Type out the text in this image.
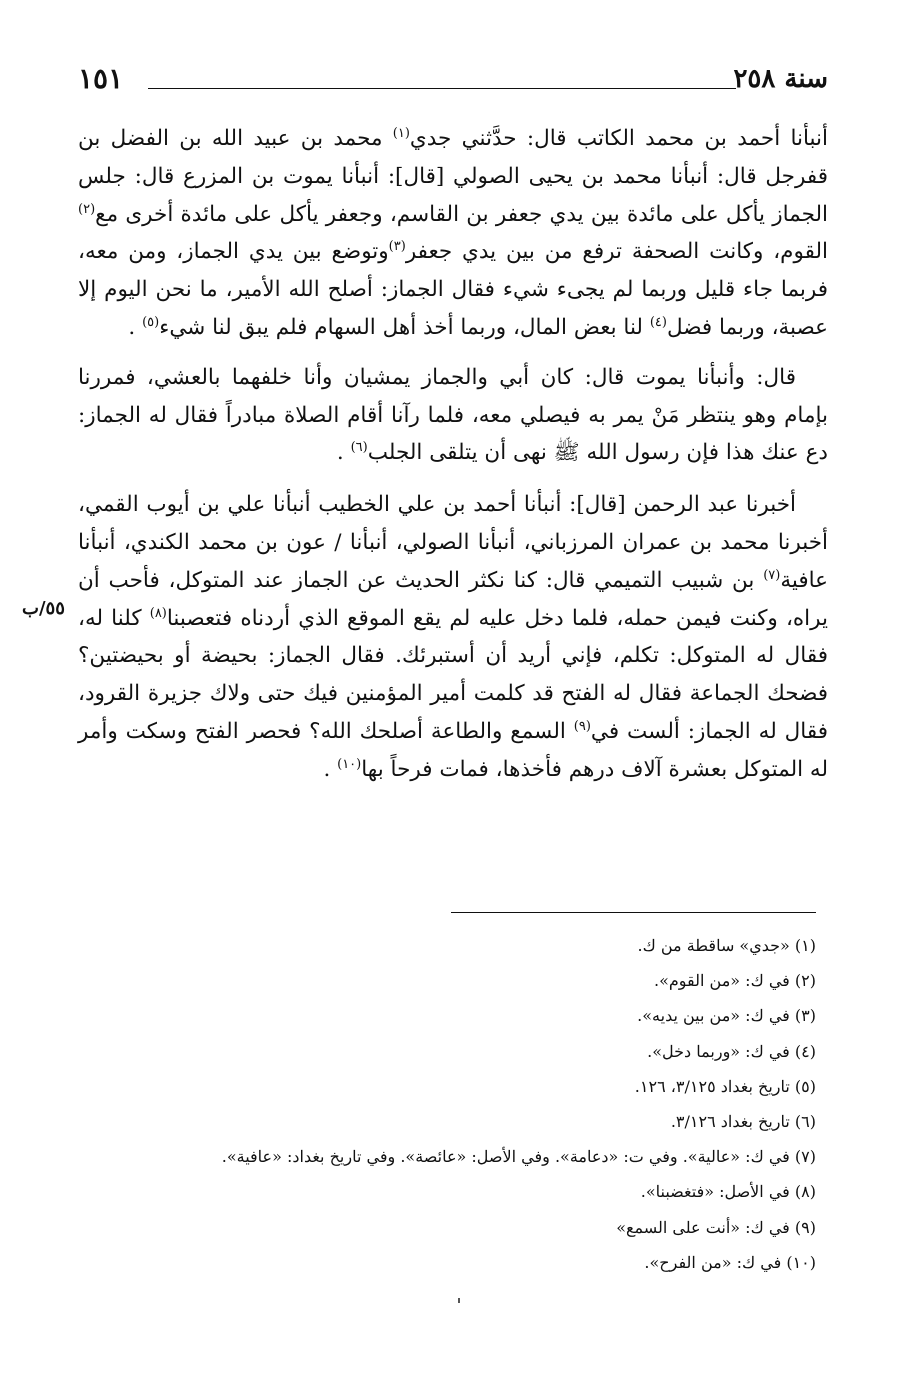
سنة ٢٥٨
١٥١
٥٥/ب

أنبأنا أحمد بن محمد الكاتب قال: حدَّثني جدي$^{(١)}$ محمد بن عبيد الله بن الفضل بن قفرجل قال: أنبأنا محمد بن يحيى الصولي [قال]: أنبأنا يموت بن المزرع قال: جلس الجماز يأكل على مائدة بين يدي جعفر بن القاسم، وجعفر يأكل على مائدة أخرى مع$^{(٢)}$ القوم، وكانت الصحفة ترفع من بين يدي جعفر$^{(٣)}$وتوضع بين يدي الجماز، ومن معه، فربما جاء قليل وربما لم يجىء شيء فقال الجماز: أصلح الله الأمير، ما نحن اليوم إلا عصبة، وربما فضل$^{(٤)}$ لنا بعض المال، وربما أخذ أهل السهام فلم يبق لنا شيء$^{(٥)}$ .

قال: وأنبأنا يموت قال: كان أبي والجماز يمشيان وأنا خلفهما بالعشي، فمررنا بإمام وهو ينتظر مَنْ يمر به فيصلي معه، فلما رآنا أقام الصلاة مبادراً فقال له الجماز: دع عنك هذا فإن رسول الله ﷺ نهى أن يتلقى الجلب$^{(٦)}$ .

أخبرنا عبد الرحمن [قال]: أنبأنا أحمد بن علي الخطيب أنبأنا علي بن أيوب القمي، أخبرنا محمد بن عمران المرزباني، أنبأنا الصولي، أنبأنا / عون بن محمد الكندي، أنبأنا عافية$^{(٧)}$ بن شبيب التميمي قال: كنا نكثر الحديث عن الجماز عند المتوكل، فأحب أن يراه، وكنت فيمن حمله، فلما دخل عليه لم يقع الموقع الذي أردناه فتعصبنا$^{(٨)}$ كلنا له، فقال له المتوكل: تكلم، فإني أريد أن أستبرئك. فقال الجماز: بحيضة أو بحيضتين؟ فضحك الجماعة فقال له الفتح قد كلمت أمير المؤمنين فيك حتى ولاك جزيرة القرود، فقال له الجماز: ألست في$^{(٩)}$ السمع والطاعة أصلحك الله؟ فحصر الفتح وسكت وأمر له المتوكل بعشرة آلاف درهم فأخذها، فمات فرحاً بها$^{(١٠)}$ .

(١) «جدي» ساقطة من ك.
(٢) في ك: «من القوم».
(٣) في ك: «من بين يديه».
(٤) في ك: «وربما دخل».
(٥) تاريخ بغداد ٣/١٢٥، ١٢٦.
(٦) تاريخ بغداد ٣/١٢٦.
(٧) في ك: «عالية». وفي ت: «دعامة». وفي الأصل: «عائصة». وفي تاريخ بغداد: «عافية».
(٨) في الأصل: «فتغضبنا».
(٩) في ك: «أنت على السمع»
(١٠) في ك: «من الفرح».
